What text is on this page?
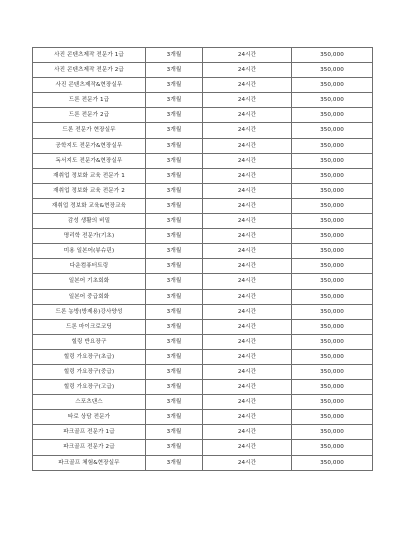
사진 콘텐츠제작 전문가 1급	3개월	24시간	350,000
사진 콘텐츠제작 전문가 2급	3개월	24시간	350,000
사진 콘텐츠제작&현장실무	3개월	24시간	350,000
드론 전문가 1급	3개월	24시간	350,000
드론 전문가 2급	3개월	24시간	350,000
드론 전문가 현장실무	3개월	24시간	350,000
공학지도 전문가&현장실무	3개월	24시간	350,000
독서지도 전문가&현장실무	3개월	24시간	350,000
재취업 정보화 교육 전문가 1	3개월	24시간	350,000
재취업 정보화 교육 전문가 2	3개월	24시간	350,000
재취업 정보화 교육&현장교육	3개월	24시간	350,000
감성 생활의 비밀	3개월	24시간	350,000
명리학 전문가(기초)	3개월	24시간	350,000
미용 일본어(뷰슈핀)	3개월	24시간	350,000
다운컴퓨터트링	3개월	24시간	350,000
일본어 기초회화	3개월	24시간	350,000
일본어 중급회화	3개월	24시간	350,000
드론 농방(방제용)강사양성	3개월	24시간	350,000
드론 마이크로코딩	3개월	24시간	350,000
힐링 반요장구	3개월	24시간	350,000
힐링 가요장구(초급)	3개월	24시간	350,000
힐링 가요장구(중급)	3개월	24시간	350,000
힐링 가요장구(고급)	3개월	24시간	350,000
스포츠댄스	3개월	24시간	350,000
타로 상담 전문가	3개월	24시간	350,000
파크골프 전문가 1급	3개월	24시간	350,000
파크골프 전문가 2급	3개월	24시간	350,000
파크골프 체험&현장실무	3개월	24시간	350,000
